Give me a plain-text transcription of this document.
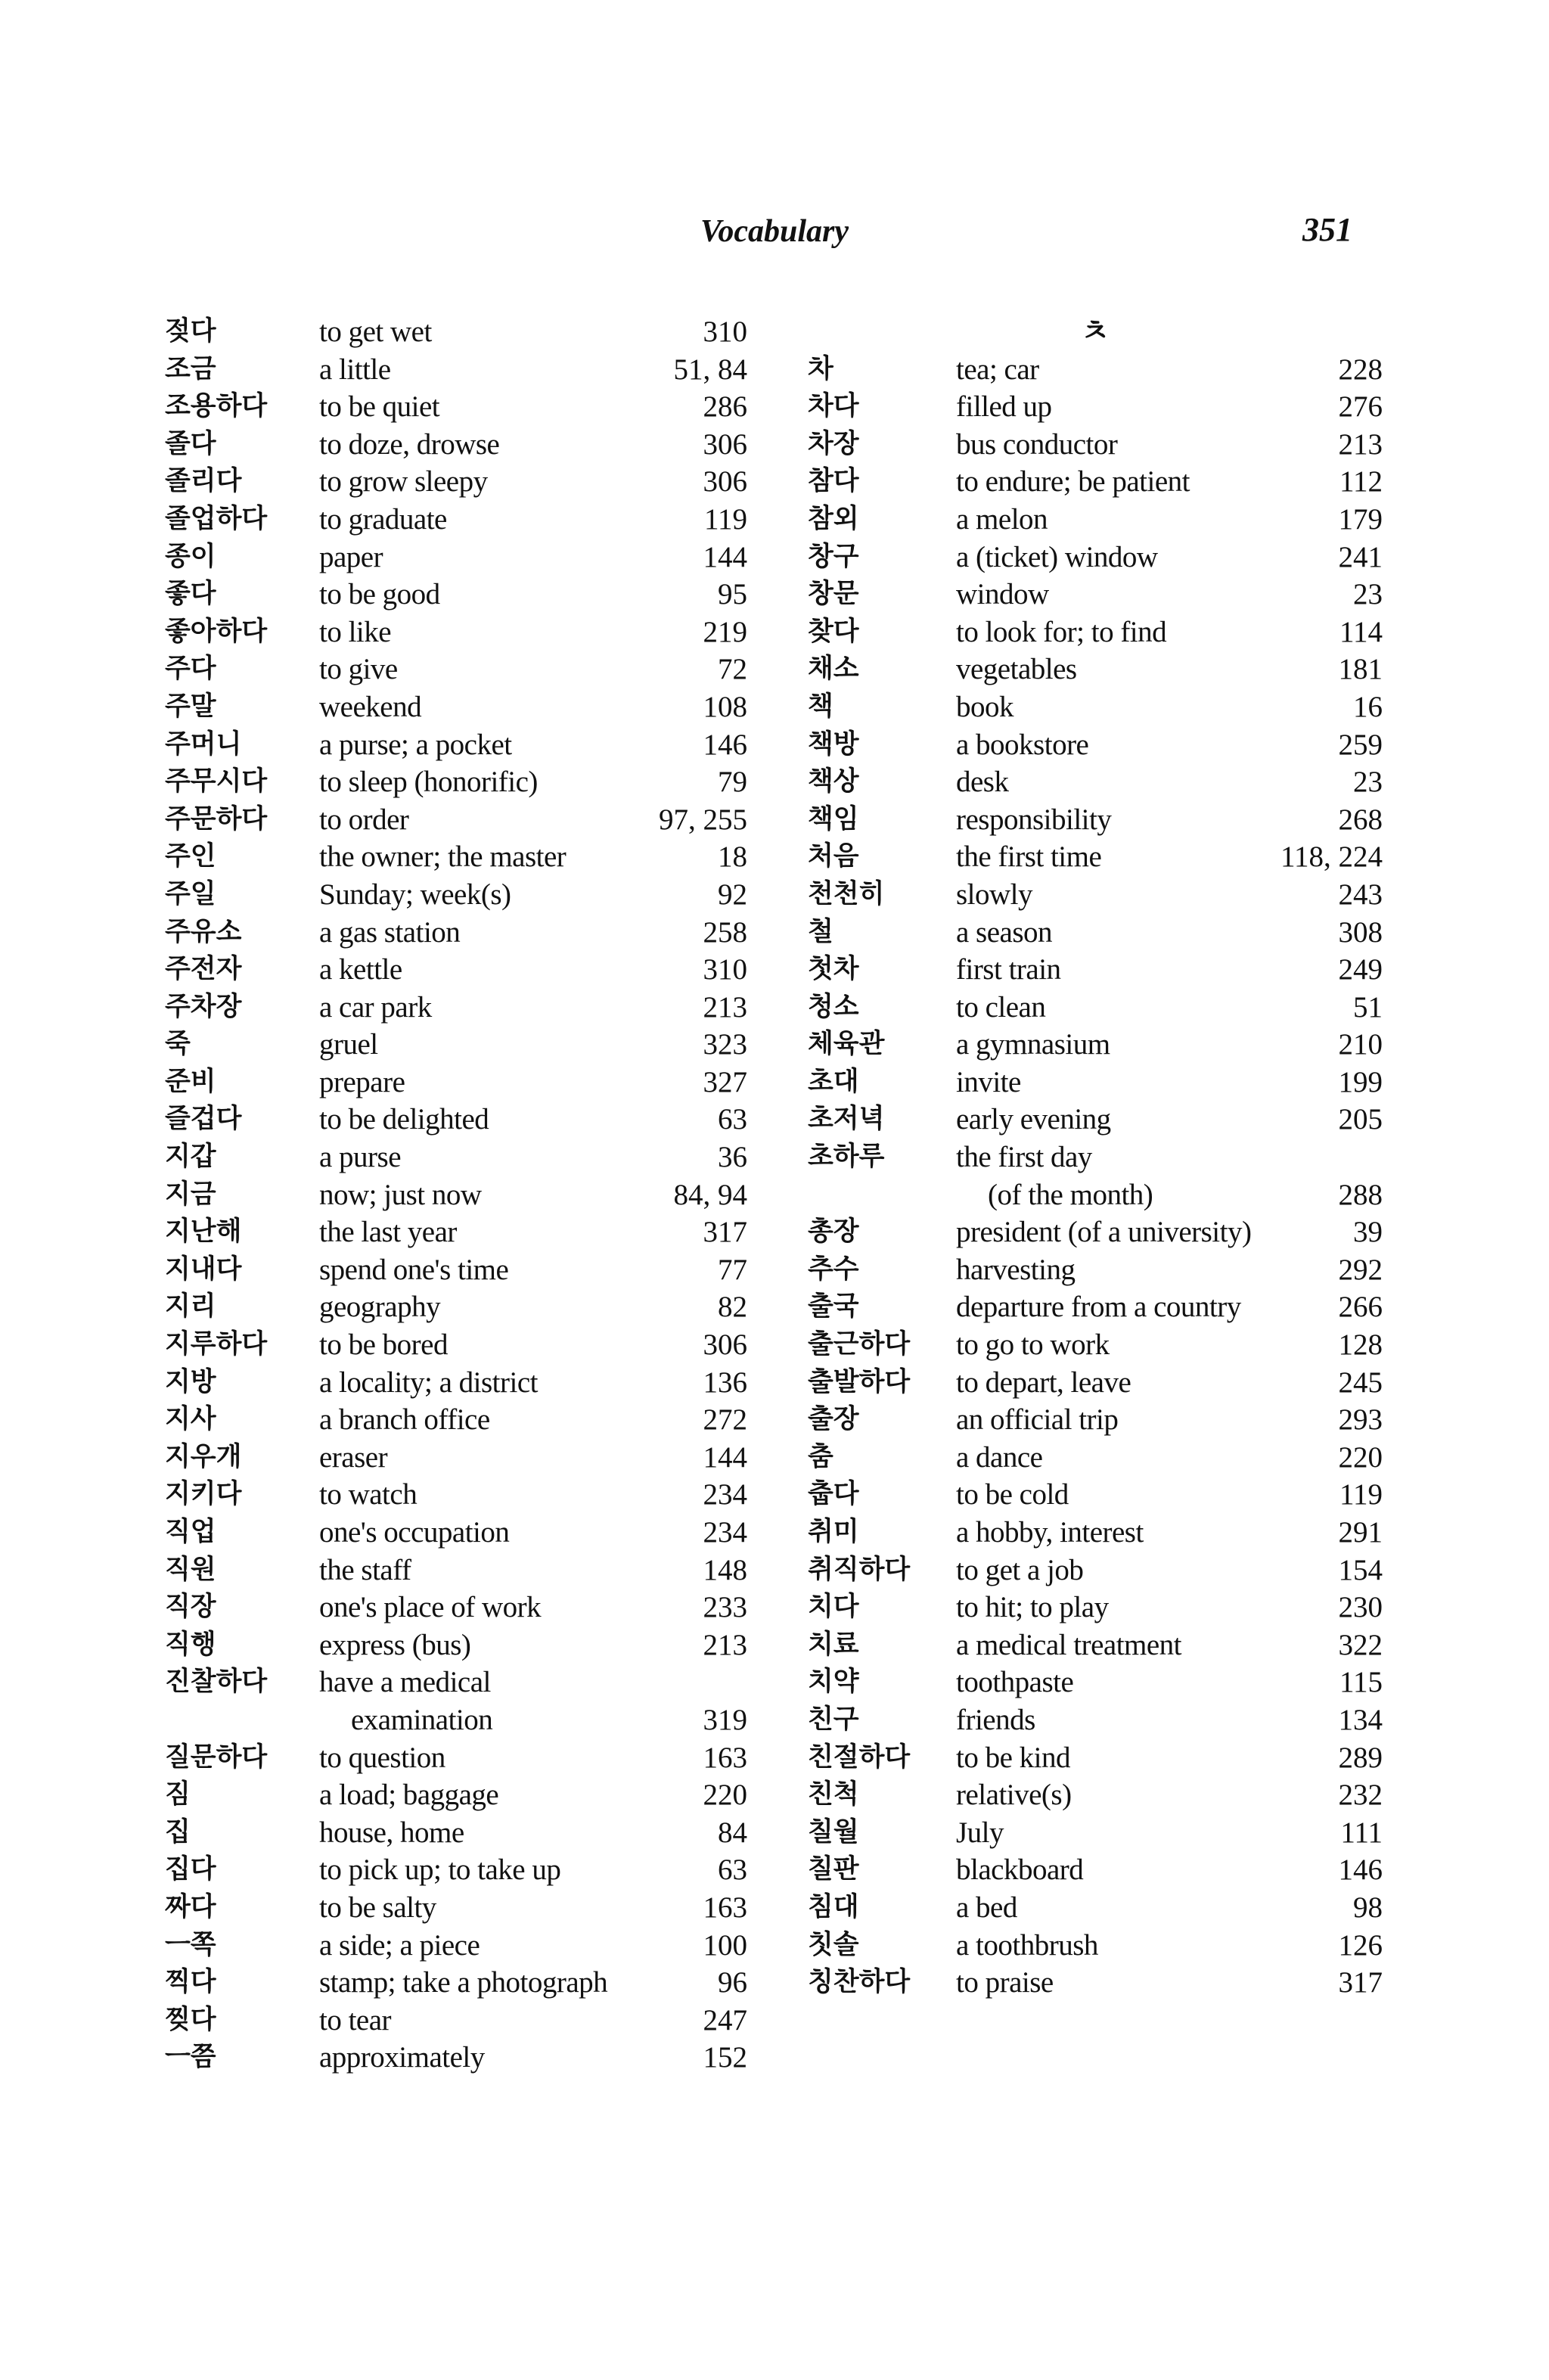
Vocabulary	351
젖다	to get wet	310
조금	a little	51, 84
조용하다 to be quiet	286
졸다	to doze, drowse	306
졸리다	to grow sleepy	306
졸업하다 to graduate	119
종이	paper	144
좋다	to be good	95
좋아하다 to like	219
주다	to give	72
주말	weekend	108
주머니	a purse; a pocket	146
주무시다 to sleep (honorific)	79
주문하다 to order	97, 255
주인	the owner; the master	18
주일	Sunday; week(s)	92
주유소	a gas station	258
주전자	a kettle	310
주차장	a car park	213
죽	gruel	323
준비	prepare	327
즐겁다	to be delighted	63
지갑	a purse	36
지금	now; just now	84, 94
지난해	the last year	317
지내다	spend one's time	77
지리	geography	82
지루하다 to be bored	306
지방	a locality; a district	136
지사	a branch office	272
지우개	eraser	144
지키다	to watch	234
직업	one's occupation	234
직원	the staff	148
직장	one's place of work	233
직행	express (bus)	213
진찰하다 have a medical
examination	319
질문하다 to question	163
짐	a load; baggage	220
집	house, home	84
집다	to pick up; to take up	63
짜다	to be salty	163
ㅡ쪽	a side; a piece	100
찍다	stamp; take a photograph	96
찢다	to tear	247
ㅡ쯤	approximately	152
ㅊ
차	tea; car	228
차다	filled up	276
차장	bus conductor	213
참다	to endure; be patient	112
참외	a melon	179
창구	a (ticket) window	241
창문	window	23
찾다	to look for; to find	114
채소	vegetables	181
책	book	16
책방	a bookstore	259
책상	desk	23
책임	responsibility	268
처음	the first time	118, 224
천천히 slowly	243
철	a season	308
첫차	first train	249
청소	to clean	51
체육관 a gymnasium	210
초대	invite	199
초저녁 early evening	205
초하루 the first day
(of the month)	288
총장	president (of a university)	39
추수	harvesting	292
출국	departure from a country	266
출근하다 to go to work	128
출발하다 to depart, leave	245
출장	an official trip	293
춤	a dance	220
춥다	to be cold	119
취미	a hobby, interest	291
취직하다 to get a job	154
치다	to hit; to play	230
치료	a medical treatment	322
치약	toothpaste	115
친구	friends	134
친절하다 to be kind	289
친척	relative(s)	232
칠월	July	111
칠판	blackboard	146
침대	a bed	98
칫솔	a toothbrush	126
칭찬하다 to praise	317
